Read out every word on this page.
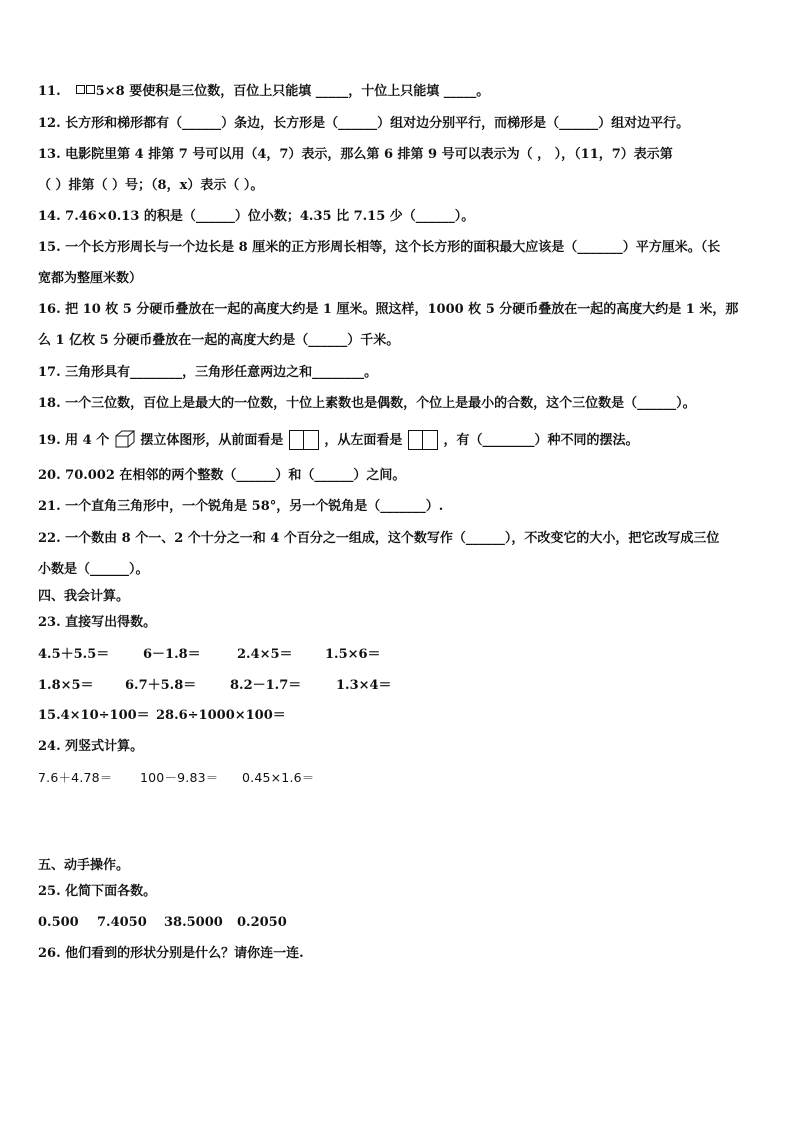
11.	5×8 要使积是三位数，百位上只能填 _____，十位上只能填 _____。
12. 长方形和梯形都有（______）条边，长方形是（______）组对边分别平行，而梯形是（______）组对边平行。
13. 电影院里第 4 排第 7 号可以用（4，7）表示，那么第 6 排第 9 号可以表示为（ ， ），（11，7）表示第
（ ）排第（ ）号；（8，x）表示（ ）。
14. 7.46×0.13 的积是（______）位小数；4.35 比 7.15 少（______）。
15. 一个长方形周长与一个边长是 8 厘米的正方形周长相等，这个长方形的面积最大应该是（_______）平方厘米。（长
宽都为整厘米数）
16. 把 10 枚 5 分硬币叠放在一起的高度大约是 1 厘米。照这样，1000 枚 5 分硬币叠放在一起的高度大约是 1 米，那
么 1 亿枚 5 分硬币叠放在一起的高度大约是（______）千米。
17. 三角形具有________，三角形任意两边之和________。
18. 一个三位数，百位上是最大的一位数，十位上素数也是偶数，个位上是最小的合数，这个三位数是（______）。
19. 用 4 个 摆立体图形，从前面看是	，从左面看是	，有（________）种不同的摆法。
20. 70.002 在相邻的两个整数（______）和（______）之间。
21. 一个直角三角形中，一个锐角是 58°，另一个锐角是（_______）.
22. 一个数由 8 个一、2 个十分之一和 4 个百分之一组成，这个数写作（______），不改变它的大小，把它改写成三位
小数是（______）。
四、我会计算。
23. 直接写出得数。
4.5＋5.5＝	6－1.8＝	2.4×5＝ 1.5×6＝
1.8×5＝ 6.7＋5.8＝	8.2－1.7＝	1.3×4＝
15.4×10÷100＝ 28.6÷1000×100＝
24. 列竖式计算。
7.6＋4.78＝ 100－9.83＝ 0.45×1.6＝
五、动手操作。
25. 化简下面各数。
0.500 7.4050 38.5000 0.2050
26. 他们看到的形状分别是什么？请你连一连.
